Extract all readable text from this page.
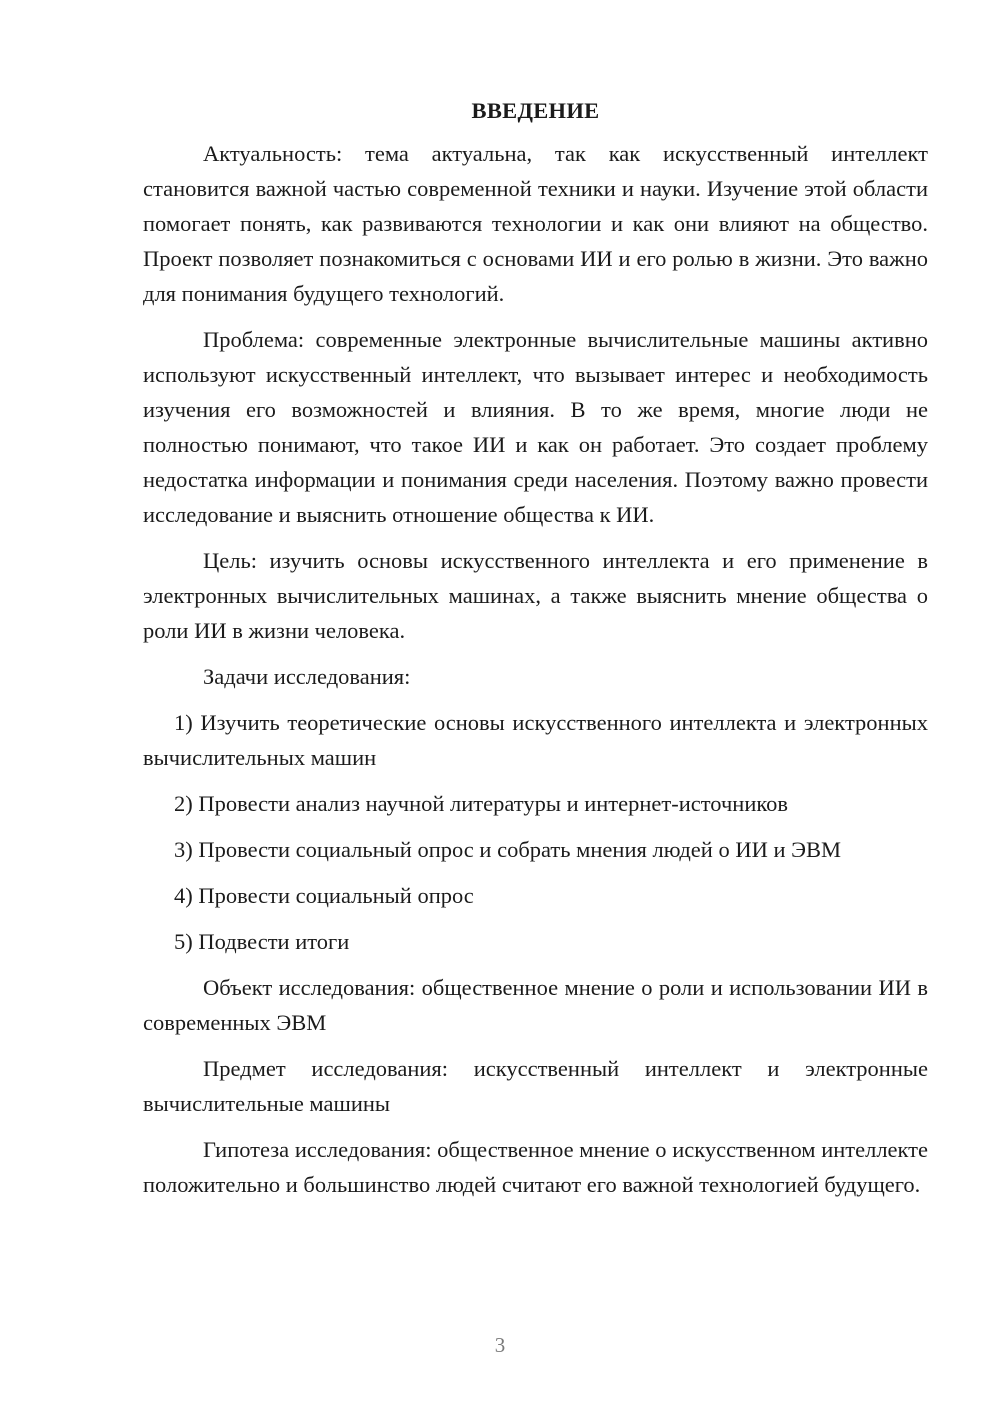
ВВЕДЕНИЕ

Актуальность: тема актуальна, так как искусственный интеллект становится важной частью современной техники и науки. Изучение этой области помогает понять, как развиваются технологии и как они влияют на общество. Проект позволяет познакомиться с основами ИИ и его ролью в жизни. Это важно для понимания будущего технологий.

Проблема: современные электронные вычислительные машины активно используют искусственный интеллект, что вызывает интерес и необходимость изучения его возможностей и влияния. В то же время, многие люди не полностью понимают, что такое ИИ и как он работает. Это создает проблему недостатка информации и понимания среди населения. Поэтому важно провести исследование и выяснить отношение общества к ИИ.

Цель: изучить основы искусственного интеллекта и его применение в электронных вычислительных машинах, а также выяснить мнение общества о роли ИИ в жизни человека.

Задачи исследования:

1) Изучить теоретические основы искусственного интеллекта и электронных вычислительных машин

2) Провести анализ научной литературы и интернет-источников

3) Провести социальный опрос и собрать мнения людей о ИИ и ЭВМ

4) Провести социальный опрос

5) Подвести итоги

Объект исследования: общественное мнение о роли и использовании ИИ в современных ЭВМ

Предмет исследования: искусственный интеллект и электронные вычислительные машины

Гипотеза исследования: общественное мнение о искусственном интеллекте положительно и большинство людей считают его важной технологией будущего.

3
